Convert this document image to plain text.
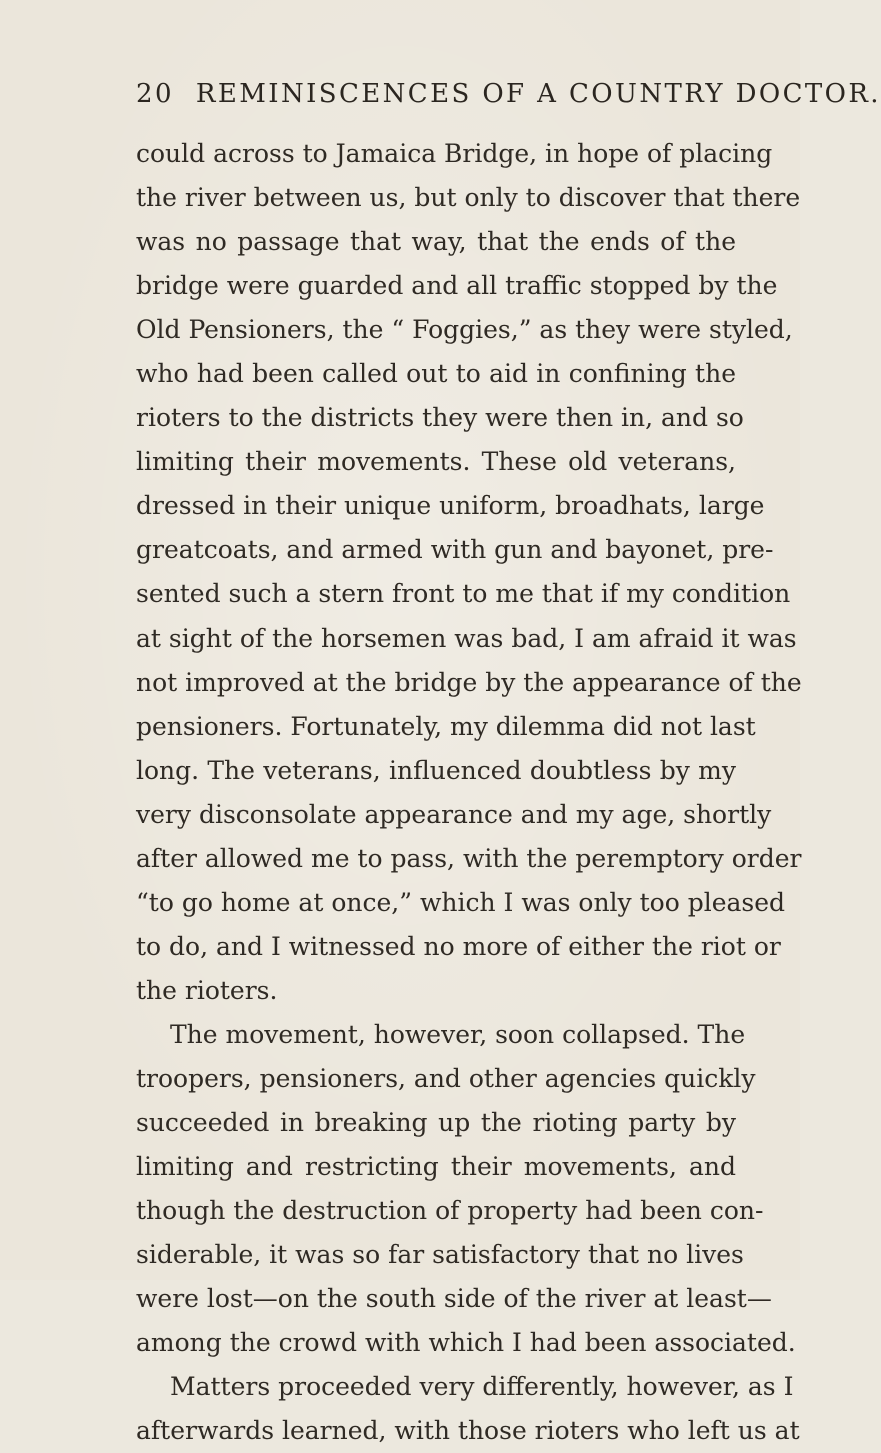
20 REMINISCENCES OF A COUNTRY DOCTOR.
could across to Jamaica Bridge, in hope of placing
the river between us, but only to discover that there
was no passage that way, that the ends of the
bridge were guarded and all traffic stopped by the
Old Pensioners, the “ Foggies,” as they were styled,
who had been called out to aid in confining the
rioters to the districts they were then in, and so
limiting their movements. These old veterans,
dressed in their unique uniform, broadhats, large
greatcoats, and armed with gun and bayonet, pre-
sented such a stern front to me that if my condition
at sight of the horsemen was bad, I am afraid it was
not improved at the bridge by the appearance of the
pensioners. Fortunately, my dilemma did not last
long. The veterans, influenced doubtless by my
very disconsolate appearance and my age, shortly
after allowed me to pass, with the peremptory order
“to go home at once,” which I was only too pleased
to do, and I witnessed no more of either the riot or
the rioters.
The movement, however, soon collapsed. The
troopers, pensioners, and other agencies quickly
succeeded in breaking up the rioting party by
limiting and restricting their movements, and
though the destruction of property had been con-
siderable, it was so far satisfactory that no lives
were lost—on the south side of the river at least—
among the crowd with which I had been associated.
Matters proceeded very differently, however, as I
afterwards learned, with those rioters who left us at
